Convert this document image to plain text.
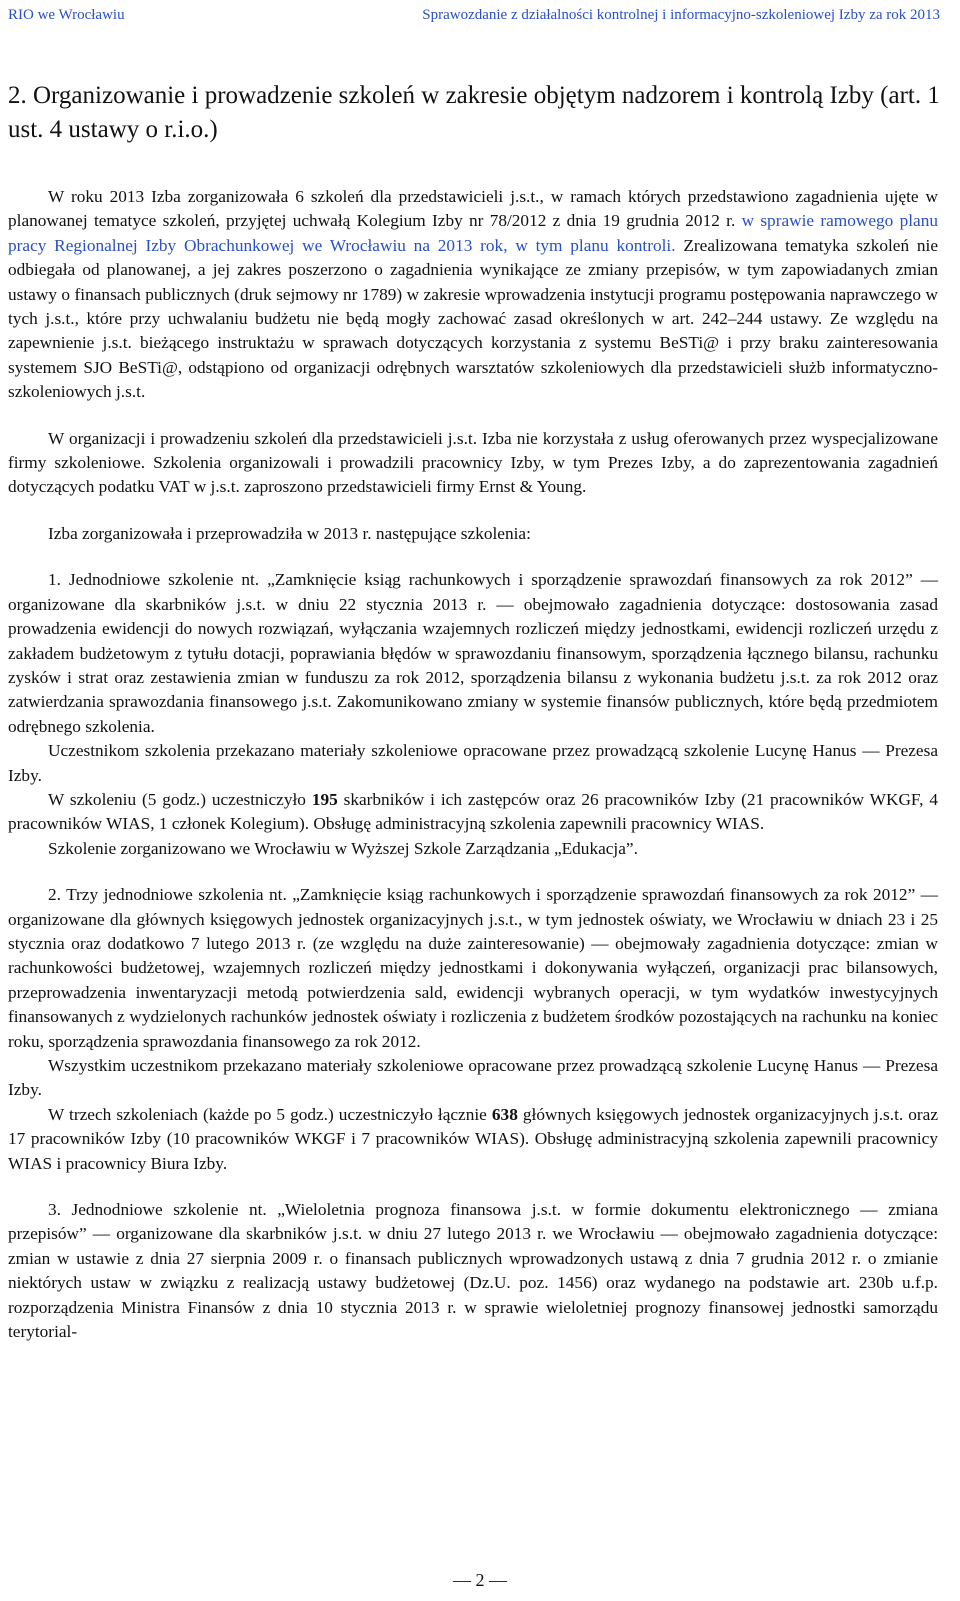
RIO we Wrocławiu	Sprawozdanie z działalności kontrolnej i informacyjno-szkoleniowej Izby za rok 2013
2. Organizowanie i prowadzenie szkoleń w zakresie objętym nadzorem i kontrolą Izby (art. 1 ust. 4 ustawy o r.i.o.)

W roku 2013 Izba zorganizowała 6 szkoleń dla przedstawicieli j.s.t., w ramach których przedstawiono zagadnienia ujęte w planowanej tematyce szkoleń, przyjętej uchwałą Kolegium Izby nr 78/2012 z dnia 19 grudnia 2012 r. w sprawie ramowego planu pracy Regionalnej Izby Obrachunkowej we Wrocławiu na 2013 rok, w tym planu kontroli. Zrealizowana tematyka szkoleń nie odbiegała od planowanej, a jej zakres poszerzono o zagadnienia wynikające ze zmiany przepisów, w tym zapowiadanych zmian ustawy o finansach publicznych (druk sejmowy nr 1789) w zakresie wprowadzenia instytucji programu postępowania naprawczego w tych j.s.t., które przy uchwalaniu budżetu nie będą mogły zachować zasad określonych w art. 242–244 ustawy. Ze względu na zapewnienie j.s.t. bieżącego instruktażu w sprawach dotyczących korzystania z systemu BeSTi@ i przy braku zainteresowania systemem SJO BeSTi@, odstąpiono od organizacji odrębnych warsztatów szkoleniowych dla przedstawicieli służb informatyczno-szkoleniowych j.s.t.

W organizacji i prowadzeniu szkoleń dla przedstawicieli j.s.t. Izba nie korzystała z usług oferowanych przez wyspecjalizowane firmy szkoleniowe. Szkolenia organizowali i prowadzili pracownicy Izby, w tym Prezes Izby, a do zaprezentowania zagadnień dotyczących podatku VAT w j.s.t. zaproszono przedstawicieli firmy Ernst & Young.

Izba zorganizowała i przeprowadziła w 2013 r. następujące szkolenia:

1. Jednodniowe szkolenie nt. „Zamknięcie ksiąg rachunkowych i sporządzenie sprawozdań finansowych za rok 2012” — organizowane dla skarbników j.s.t. w dniu 22 stycznia 2013 r. — obejmowało zagadnienia dotyczące: dostosowania zasad prowadzenia ewidencji do nowych rozwiązań, wyłączania wzajemnych rozliczeń między jednostkami, ewidencji rozliczeń urzędu z zakładem budżetowym z tytułu dotacji, poprawiania błędów w sprawozdaniu finansowym, sporządzenia łącznego bilansu, rachunku zysków i strat oraz zestawienia zmian w funduszu za rok 2012, sporządzenia bilansu z wykonania budżetu j.s.t. za rok 2012 oraz zatwierdzania sprawozdania finansowego j.s.t. Zakomunikowano zmiany w systemie finansów publicznych, które będą przedmiotem odrębnego szkolenia.

Uczestnikom szkolenia przekazano materiały szkoleniowe opracowane przez prowadzącą szkolenie Lucynę Hanus — Prezesa Izby.

W szkoleniu (5 godz.) uczestniczyło 195 skarbników i ich zastępców oraz 26 pracowników Izby (21 pracowników WKGF, 4 pracowników WIAS, 1 członek Kolegium). Obsługę administracyjną szkolenia zapewnili pracownicy WIAS.

Szkolenie zorganizowano we Wrocławiu w Wyższej Szkole Zarządzania „Edukacja”.

2. Trzy jednodniowe szkolenia nt. „Zamknięcie ksiąg rachunkowych i sporządzenie sprawozdań finansowych za rok 2012” — organizowane dla głównych księgowych jednostek organizacyjnych j.s.t., w tym jednostek oświaty, we Wrocławiu w dniach 23 i 25 stycznia oraz dodatkowo 7 lutego 2013 r. (ze względu na duże zainteresowanie) — obejmowały zagadnienia dotyczące: zmian w rachunkowości budżetowej, wzajemnych rozliczeń między jednostkami i dokonywania wyłączeń, organizacji prac bilansowych, przeprowadzenia inwentaryzacji metodą potwierdzenia sald, ewidencji wybranych operacji, w tym wydatków inwestycyjnych finansowanych z wydzielonych rachunków jednostek oświaty i rozliczenia z budżetem środków pozostających na rachunku na koniec roku, sporządzenia sprawozdania finansowego za rok 2012.

Wszystkim uczestnikom przekazano materiały szkoleniowe opracowane przez prowadzącą szkolenie Lucynę Hanus — Prezesa Izby.

W trzech szkoleniach (każde po 5 godz.) uczestniczyło łącznie 638 głównych księgowych jednostek organizacyjnych j.s.t. oraz 17 pracowników Izby (10 pracowników WKGF i 7 pracowników WIAS). Obsługę administracyjną szkolenia zapewnili pracownicy WIAS i pracownicy Biura Izby.

3. Jednodniowe szkolenie nt. „Wieloletnia prognoza finansowa j.s.t. w formie dokumentu elektronicznego — zmiana przepisów” — organizowane dla skarbników j.s.t. w dniu 27 lutego 2013 r. we Wrocławiu — obejmowało zagadnienia dotyczące: zmian w ustawie z dnia 27 sierpnia 2009 r. o finansach publicznych wprowadzonych ustawą z dnia 7 grudnia 2012 r. o zmianie niektórych ustaw w związku z realizacją ustawy budżetowej (Dz.U. poz. 1456) oraz wydanego na podstawie art. 230b u.f.p. rozporządzenia Ministra Finansów z dnia 10 stycznia 2013 r. w sprawie wieloletniej prognozy finansowej jednostki samorządu terytorial-

— 2 —
